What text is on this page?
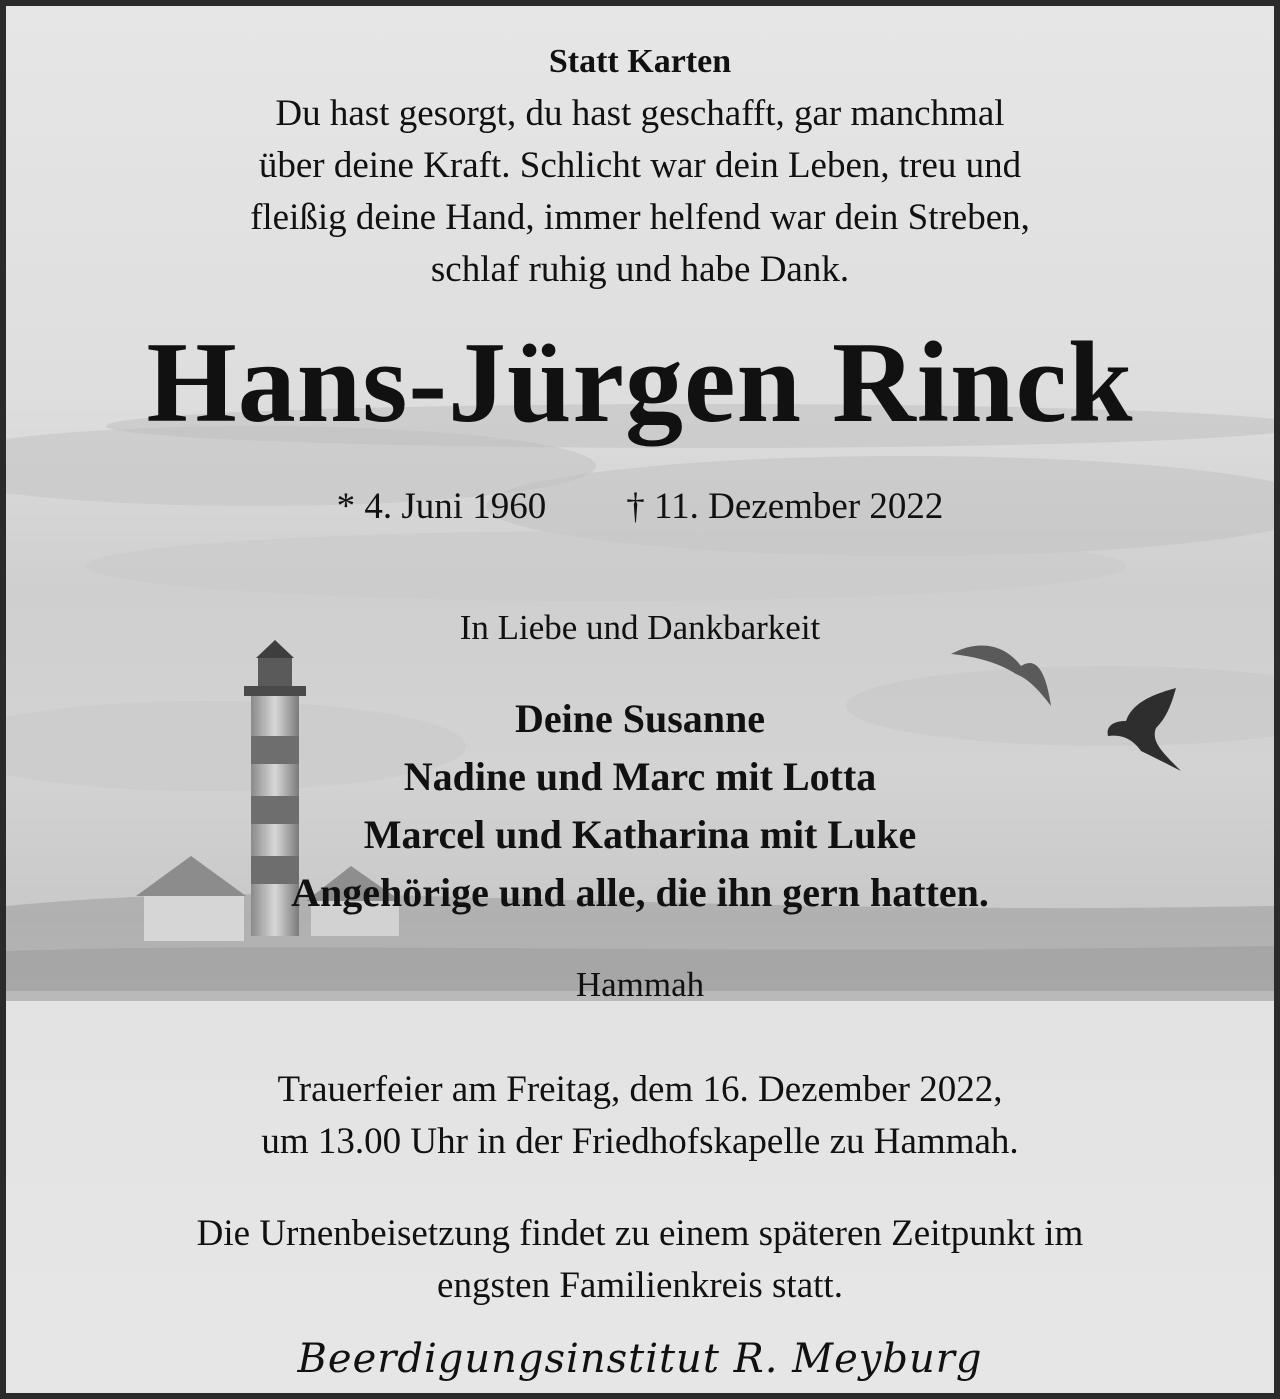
Statt Karten
Du hast gesorgt, du hast geschafft, gar manchmal
über deine Kraft. Schlicht war dein Leben, treu und
fleißig deine Hand, immer helfend war dein Streben,
schlaf ruhig und habe Dank.
Hans-Jürgen Rinck
* 4. Juni 1960 † 11. Dezember 2022
In Liebe und Dankbarkeit
Deine Susanne
Nadine und Marc mit Lotta
Marcel und Katharina mit Luke
Angehörige und alle, die ihn gern hatten.
Hammah
Trauerfeier am Freitag, dem 16. Dezember 2022,
um 13.00 Uhr in der Friedhofskapelle zu Hammah.
Die Urnenbeisetzung findet zu einem späteren Zeitpunkt im
engsten Familienkreis statt.
Beerdigungsinstitut R. Meyburg
